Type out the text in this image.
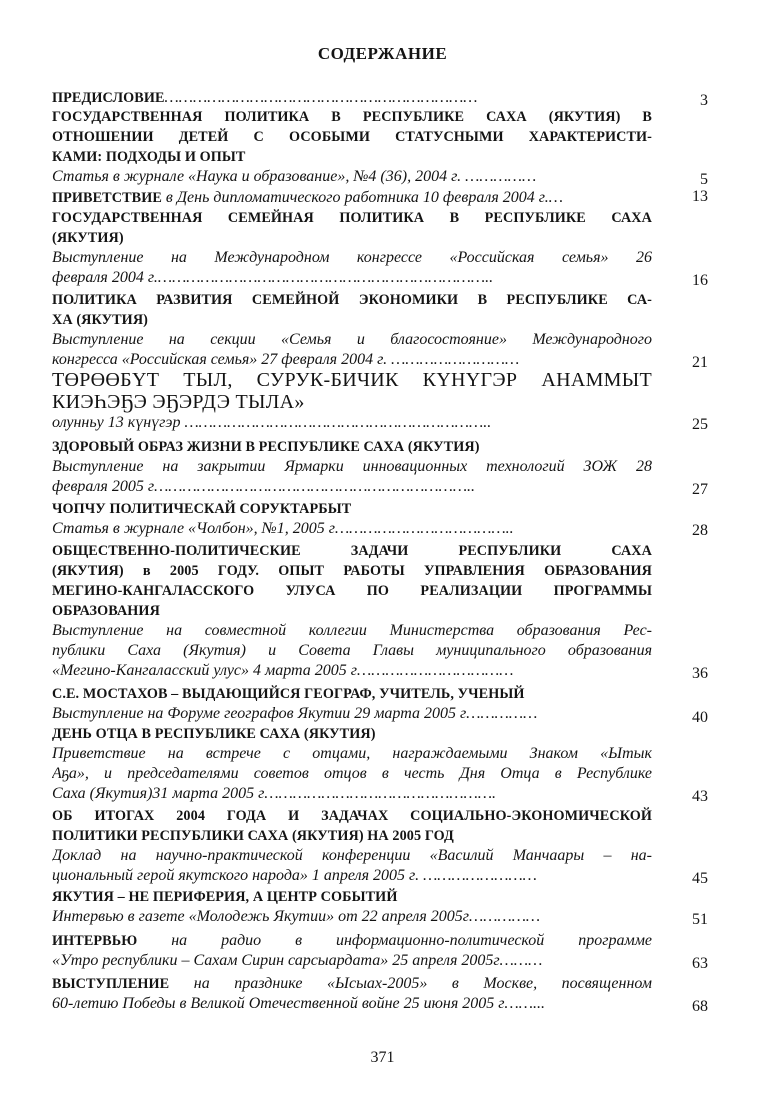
СОДЕРЖАНИЕ
ПРЕДИСЛОВИЕ…………………………………………………………	3
ГОСУДАРСТВЕННАЯ ПОЛИТИКА В РЕСПУБЛИКЕ САХА (ЯКУТИЯ) В
ОТНОШЕНИИ ДЕТЕЙ С ОСОБЫМИ СТАТУСНЫМИ ХАРАКТЕРИСТИ-
КАМИ: ПОДХОДЫ И ОПЫТ
Статья в журнале «Наука и образование», №4 (36), 2004 г. ……………	5
ПРИВЕТСТВИЕ в День дипломатического работника 10 февраля 2004 г.…	13
ГОСУДАРСТВЕННАЯ СЕМЕЙНАЯ ПОЛИТИКА В РЕСПУБЛИКЕ САХА
(ЯКУТИЯ)
Выступление на Международном конгрессе «Российская семья» 26
февраля 2004 г.……………………………………………………………..	16
ПОЛИТИКА РАЗВИТИЯ СЕМЕЙНОЙ ЭКОНОМИКИ В РЕСПУБЛИКЕ СА-
ХА (ЯКУТИЯ)
Выступление на секции «Семья и благосостояние» Международного
конгресса «Российская семья» 27 февраля 2004 г. ………………………	21
ТӨРӨӨБҮТ ТЫЛ, СУРУК-БИЧИК КҮНҮГЭР АНАММЫТ
КИЭҺЭҔЭ ЭҔЭРДЭ ТЫЛА»
олунньу 13 күнүгэр ………………………………………………………..	25
ЗДОРОВЫЙ ОБРАЗ ЖИЗНИ В РЕСПУБЛИКЕ САХА (ЯКУТИЯ)
Выступление на закрытии Ярмарки инновационных технологий ЗОЖ 28
февраля 2005 г…………………………………………………………..	27
ЧОПЧУ ПОЛИТИЧЕСКАЙ СОРУКТАРБЫТ
Статья в журнале «Чолбон», №1, 2005 г………………………………..	28
ОБЩЕСТВЕННО-ПОЛИТИЧЕСКИЕ ЗАДАЧИ РЕСПУБЛИКИ САХА
(ЯКУТИЯ) в 2005 ГОДУ. ОПЫТ РАБОТЫ УПРАВЛЕНИЯ ОБРАЗОВАНИЯ
МЕГИНО-КАНГАЛАССКОГО УЛУСА ПО РЕАЛИЗАЦИИ ПРОГРАММЫ
ОБРАЗОВАНИЯ
Выступление на совместной коллегии Министерства образования Рес-
публики Саха (Якутия) и Совета Главы муниципального образования
«Мегино-Кангаласский улус» 4 марта 2005 г……………………………	36
С.Е. МОСТАХОВ – ВЫДАЮЩИЙСЯ ГЕОГРАФ, УЧИТЕЛЬ, УЧЕНЫЙ
Выступление на Форуме географов Якутии 29 марта 2005 г……………	40
ДЕНЬ ОТЦА В РЕСПУБЛИКЕ САХА (ЯКУТИЯ)
Приветствие на встрече с отцами, награждаемыми Знаком «Ытык
Аҕа», и председателями советов отцов в честь Дня Отца в Республике
Саха (Якутия)31 марта 2005 г………………………………………….	43
ОБ ИТОГАХ 2004 ГОДА И ЗАДАЧАХ СОЦИАЛЬНО-ЭКОНОМИЧЕСКОЙ
ПОЛИТИКИ РЕСПУБЛИКИ САХА (ЯКУТИЯ) НА 2005 ГОД
Доклад на научно-практической конференции «Василий Манчаары – на-
циональный герой якутского народа» 1 апреля 2005 г. ……………………	45
ЯКУТИЯ – НЕ ПЕРИФЕРИЯ, А ЦЕНТР СОБЫТИЙ
Интервью в газете «Молодежь Якутии» от 22 апреля 2005г……………	51
ИНТЕРВЬЮ на радио в информационно-политической программе
«Утро республики – Сахам Сирин сарсыардата» 25 апреля 2005г………	63
ВЫСТУПЛЕНИЕ на празднике «Ысыах-2005» в Москве, посвященном
60-летию Победы в Великой Отечественной войне 25 июня 2005 г……...	68
371
